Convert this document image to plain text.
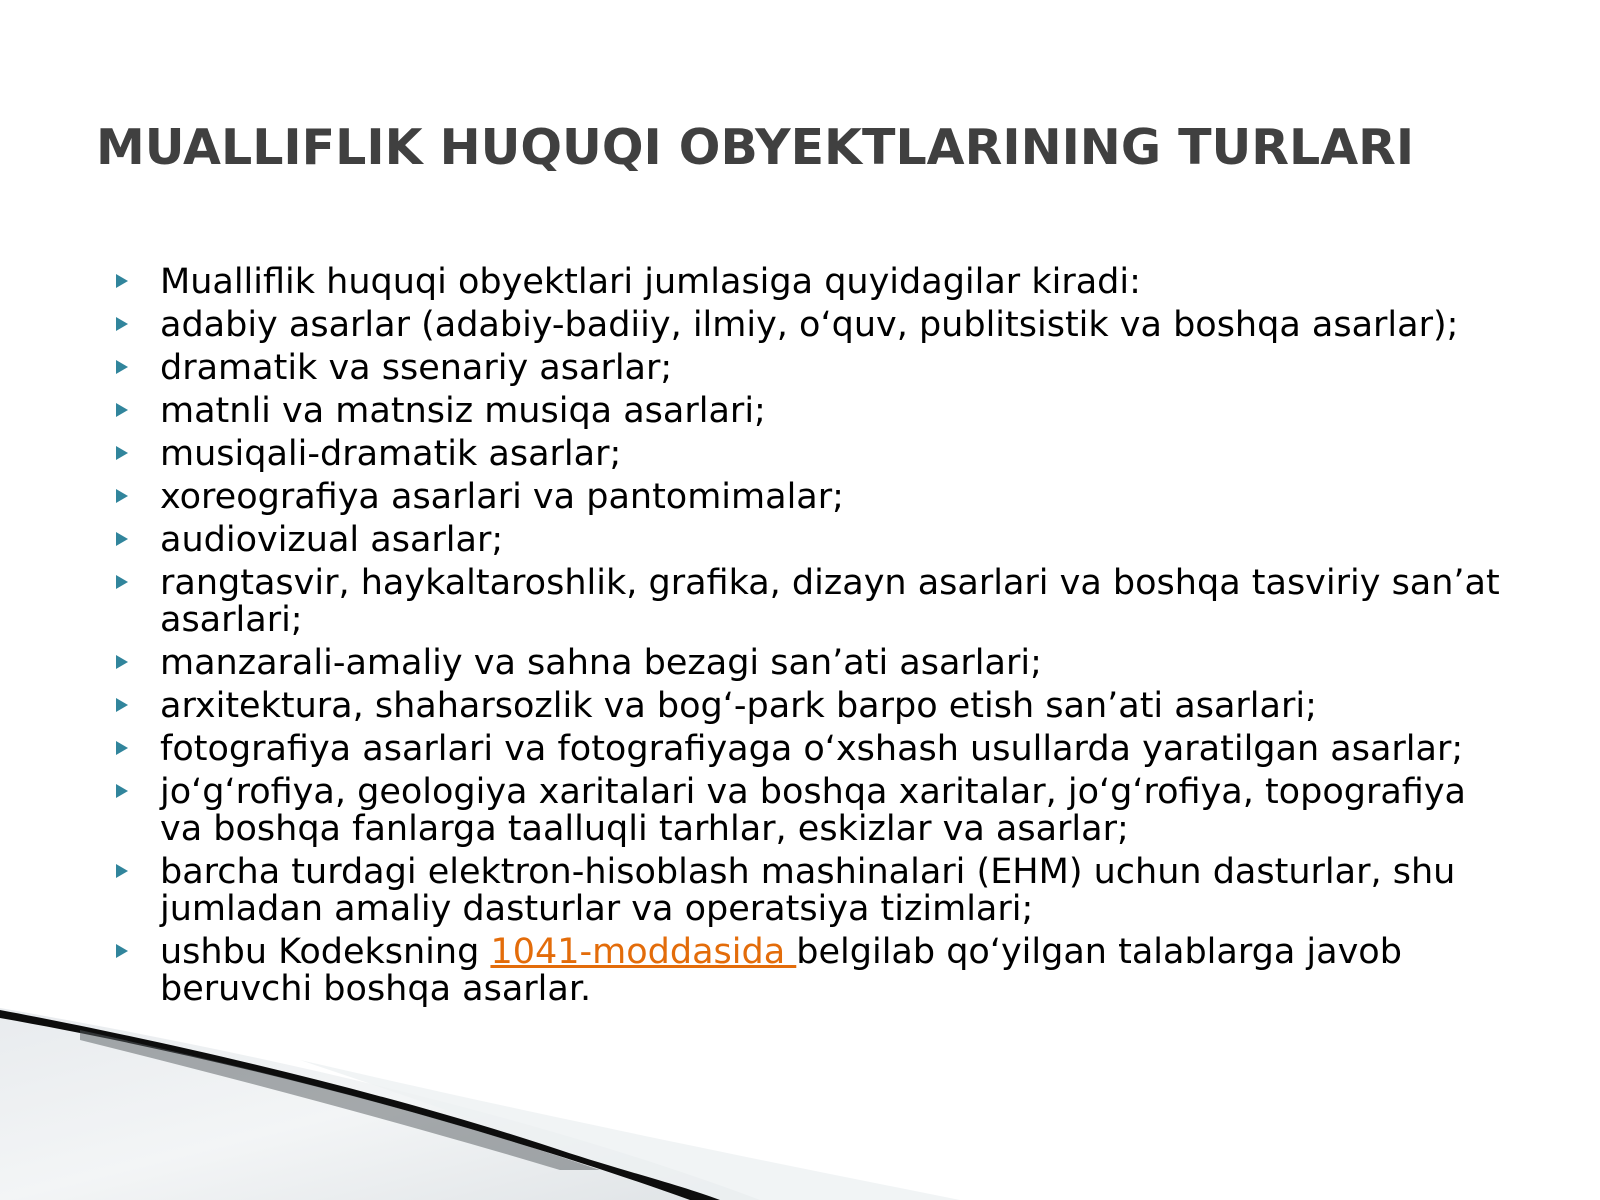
MUALLIFLIK HUQUQI OBYEKTLARINING TURLARI
Mualliflik huquqi obyektlari jumlasiga quyidagilar kiradi:
adabiy asarlar (adabiy-badiiy, ilmiy, o‘quv, publitsistik va boshqa asarlar);
dramatik va ssenariy asarlar;
matnli va matnsiz musiqa asarlari;
musiqali-dramatik asarlar;
xoreografiya asarlari va pantomimalar;
audiovizual asarlar;
rangtasvir, haykaltaroshlik, grafika, dizayn asarlari va boshqa tasviriy san’at asarlari;
manzarali-amaliy va sahna bezagi san’ati asarlari;
arxitektura, shaharsozlik va bog‘-park barpo etish san’ati asarlari;
fotografiya asarlari va fotografiyaga o‘xshash usullarda yaratilgan asarlar;
jo‘g‘rofiya, geologiya xaritalari va boshqa xaritalar, jo‘g‘rofiya, topografiya va boshqa fanlarga taalluqli tarhlar, eskizlar va asarlar;
barcha turdagi elektron-hisoblash mashinalari (EHM) uchun dasturlar, shu jumladan amaliy dasturlar va operatsiya tizimlari;
ushbu Kodeksning 1041-moddasida belgilab qo‘yilgan talablarga javob beruvchi boshqa asarlar.
